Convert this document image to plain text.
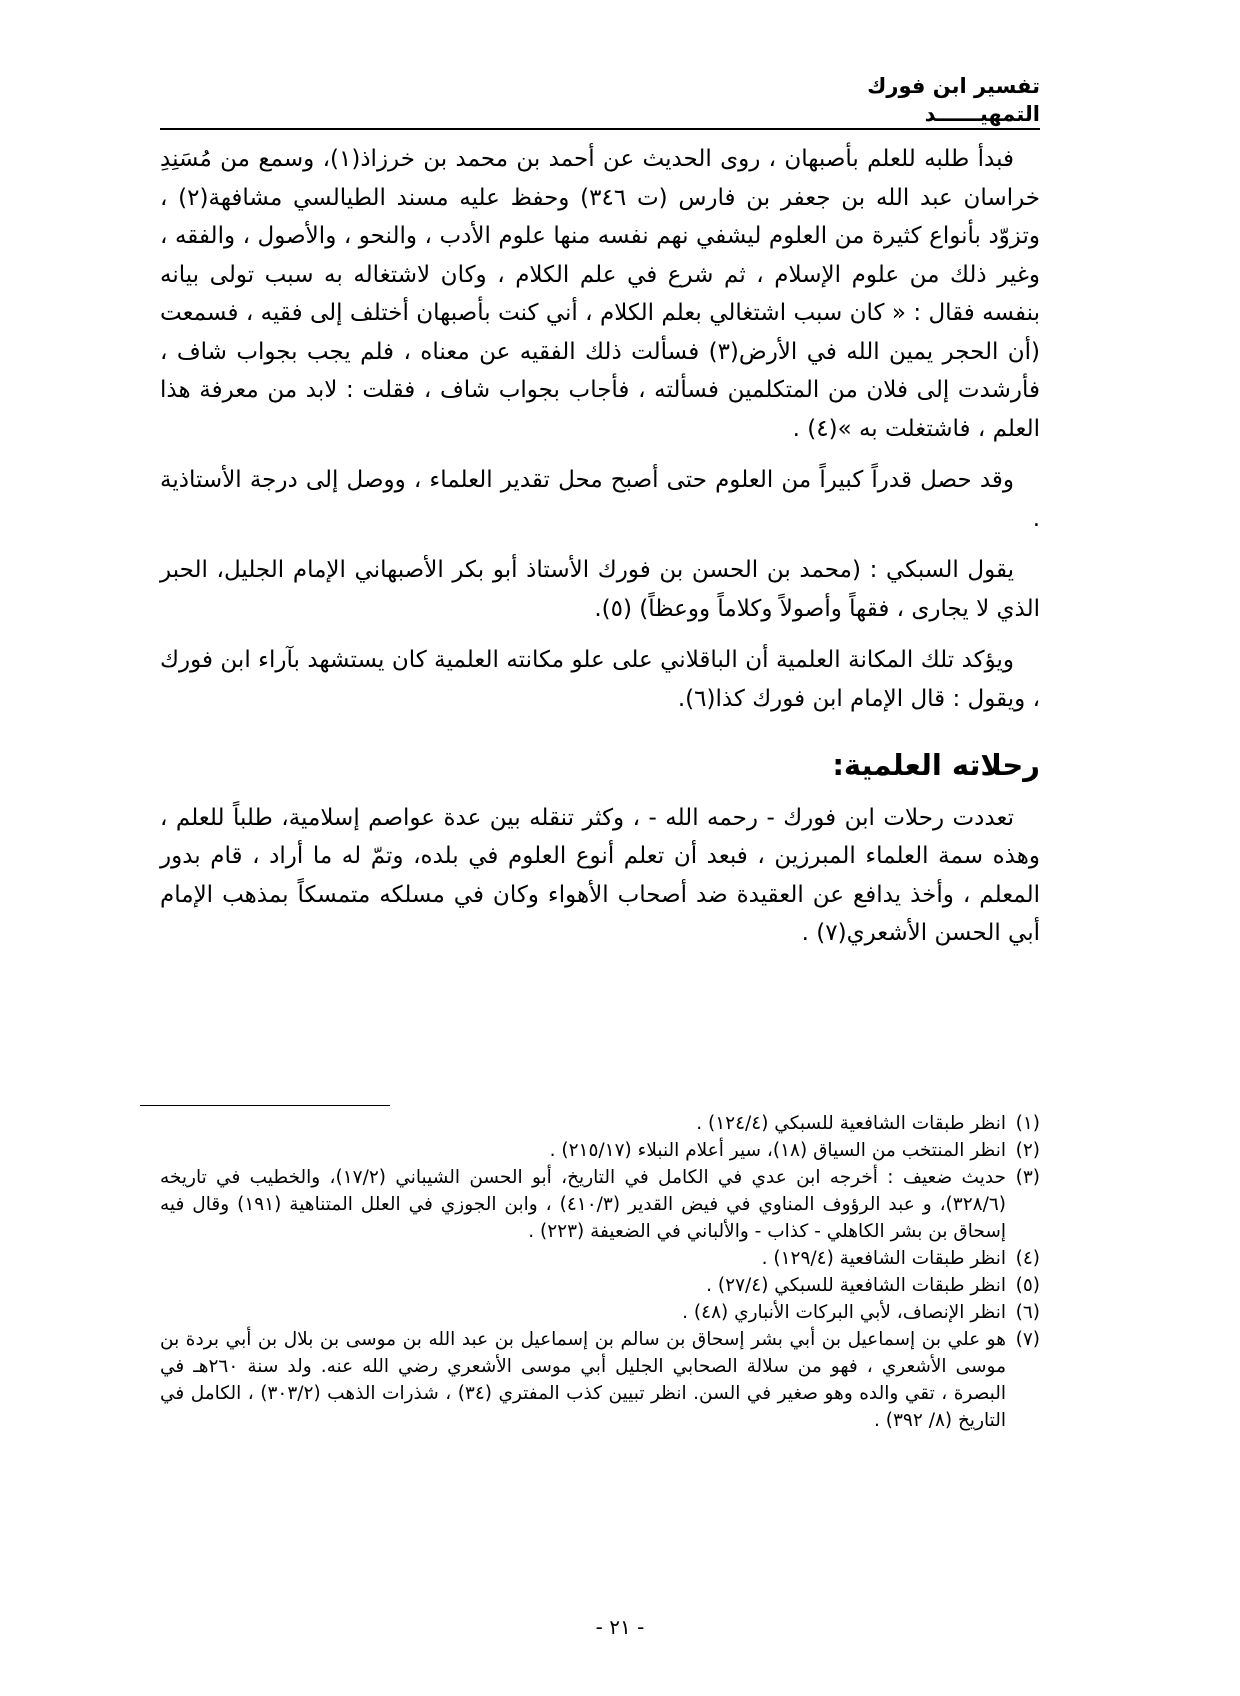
تفسير ابن فورك
التمهيــــــد

فبدأ طلبه للعلم بأصبهان ، روى الحديث عن أحمد بن محمد بن خرزاذ(١)، وسمع من مُسَنِدِ خراسان عبد الله بن جعفر بن فارس (ت ٣٤٦) وحفظ عليه مسند الطيالسي مشافهة(٢) ، وتزوّد بأنواع كثيرة من العلوم ليشفي نهم نفسه منها علوم الأدب ، والنحو ، والأصول ، والفقه ، وغير ذلك من علوم الإسلام ، ثم شرع في علم الكلام ، وكان لاشتغاله به سبب تولى بيانه بنفسه فقال : « كان سبب اشتغالي بعلم الكلام ، أني كنت بأصبهان أختلف إلى فقيه ، فسمعت (أن الحجر يمين الله في الأرض(٣) فسألت ذلك الفقيه عن معناه ، فلم يجب بجواب شاف ، فأرشدت إلى فلان من المتكلمين فسألته ، فأجاب بجواب شاف ، فقلت : لابد من معرفة هذا العلم ، فاشتغلت به »(٤) .

وقد حصل قدراً كبيراً من العلوم حتى أصبح محل تقدير العلماء ، ووصل إلى درجة الأستاذية .

يقول السبكي : (محمد بن الحسن بن فورك الأستاذ أبو بكر الأصبهاني الإمام الجليل، الحبر الذي لا يجارى ، فقهاً وأصولاً وكلاماً ووعظاً) (٥).

ويؤكد تلك المكانة العلمية أن الباقلاني على علو مكانته العلمية كان يستشهد بآراء ابن فورك ، ويقول : قال الإمام ابن فورك كذا(٦).

رحلاته العلمية:

تعددت رحلات ابن فورك - رحمه الله - ، وكثر تنقله بين عدة عواصم إسلامية، طلباً للعلم ، وهذه سمة العلماء المبرزين ، فبعد أن تعلم أنوع العلوم في بلده، وتمّ له ما أراد ، قام بدور المعلم ، وأخذ يدافع عن العقيدة ضد أصحاب الأهواء وكان في مسلكه متمسكاً بمذهب الإمام أبي الحسن الأشعري(٧) .

(١)
انظر طبقات الشافعية للسبكي (١٢٤/٤) .

(٢)
انظر المنتخب من السياق (١٨)، سير أعلام النبلاء (٢١٥/١٧) .

(٣)
حديث ضعيف : أخرجه ابن عدي في الكامل في التاريخ، أبو الحسن الشيباني (١٧/٢)، والخطيب في تاريخه (٣٢٨/٦)، و عبد الرؤوف المناوي في فيض القدير (٤١٠/٣) ، وابن الجوزي في العلل المتناهية (١٩١) وقال فيه إسحاق بن بشر الكاهلي - كذاب - والألباني في الضعيفة (٢٢٣) .

(٤)
انظر طبقات الشافعية (١٢٩/٤) .

(٥)
انظر طبقات الشافعية للسبكي (٢٧/٤) .

(٦)
انظر الإنصاف، لأبي البركات الأنباري (٤٨) .

(٧)
هو علي بن إسماعيل بن أبي بشر إسحاق بن سالم بن إسماعيل بن عبد الله بن موسى بن بلال بن أبي بردة بن موسى الأشعري ، فهو من سلالة الصحابي الجليل أبي موسى الأشعري رضي الله عنه. ولد سنة ٢٦٠هـ في البصرة ، تقي والده وهو صغير في السن. انظر تبيين كذب المفتري (٣٤) ، شذرات الذهب (٣٠٣/٢) ، الكامل في التاريخ (٨/ ٣٩٢) .

- ٢١ -
